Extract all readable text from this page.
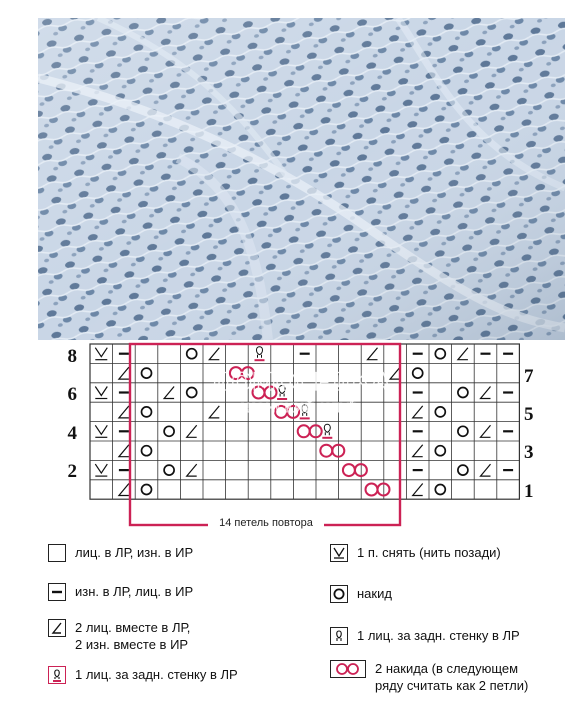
ДОМОСЕДКА
женский клуб
14 петель повтора
8
6
4
2
7
5
3
1
лиц. в ЛР, изн. в ИР
изн. в ЛР, лиц. в ИР
2 лиц. вместе в ЛР,
2 изн. вместе в ИР
1 лиц. за задн. стенку в ЛР
1 п. снять (нить позади)
накид
1 лиц. за задн. стенку в ЛР
2 накида (в следующем
ряду считать как 2 петли)
